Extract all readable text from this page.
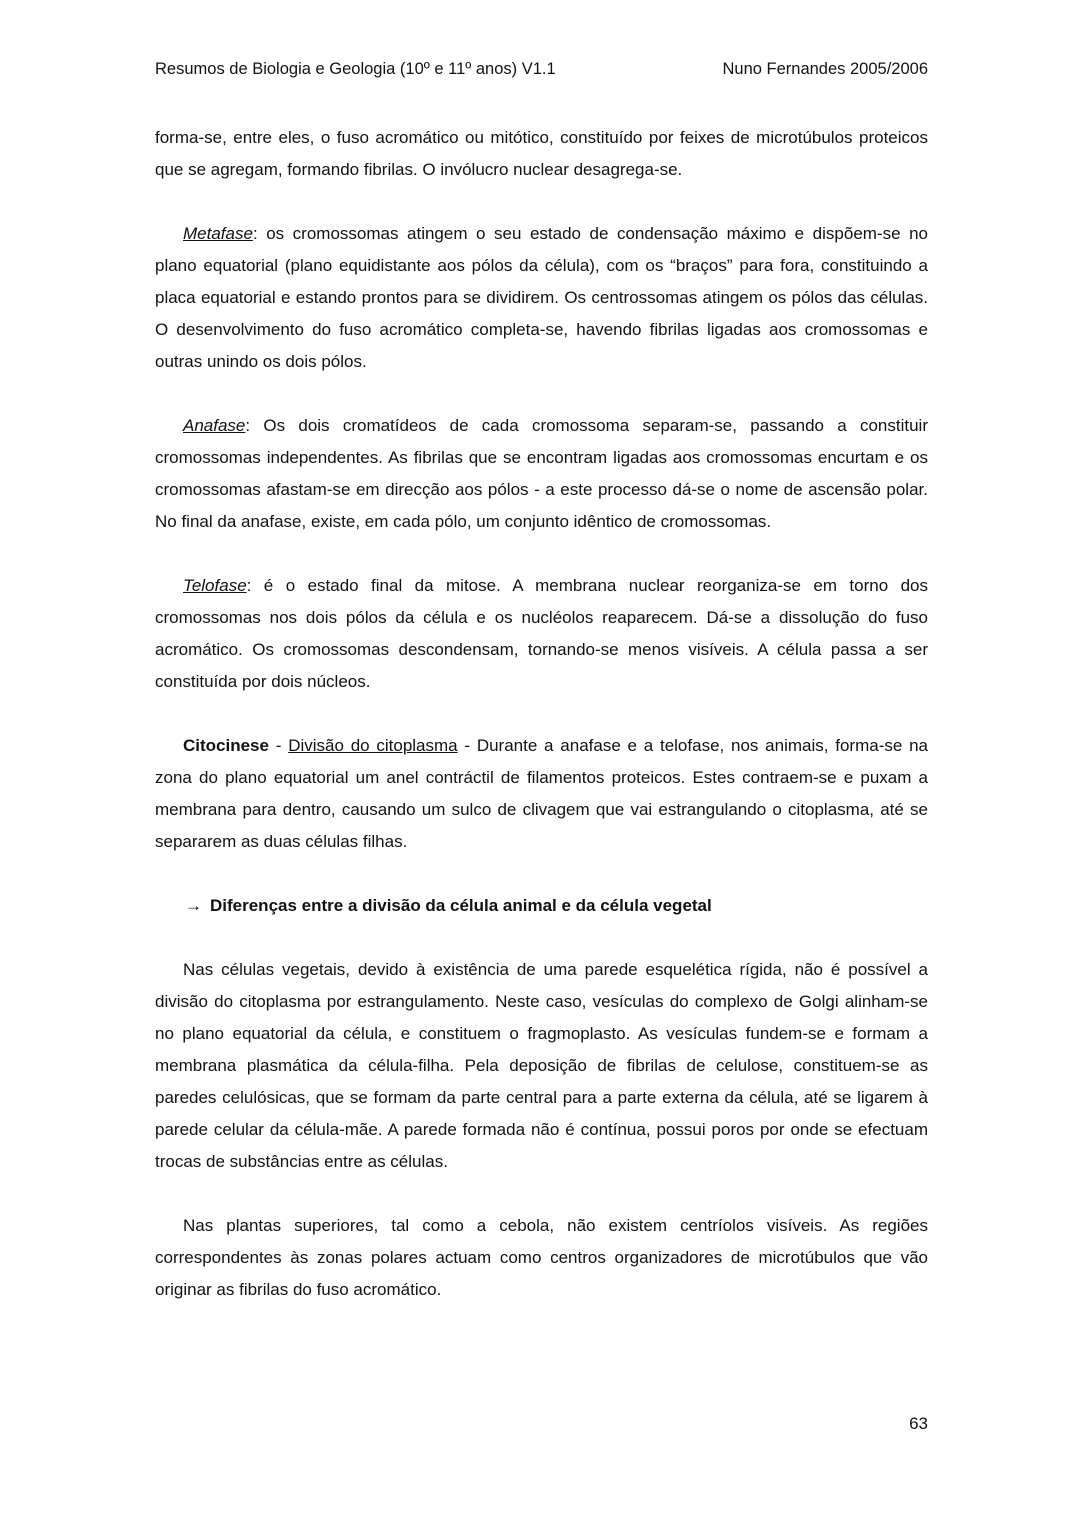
Resumos de Biologia e Geologia (10º e 11º anos) V1.1	Nuno Fernandes 2005/2006

forma-se, entre eles, o fuso acromático ou mitótico, constituído por feixes de microtúbulos proteicos que se agregam, formando fibrilas. O invólucro nuclear desagrega-se.

Metafase: os cromossomas atingem o seu estado de condensação máximo e dispõem-se no plano equatorial (plano equidistante aos pólos da célula), com os “braços” para fora, constituindo a placa equatorial e estando prontos para se dividirem. Os centrossomas atingem os pólos das células. O desenvolvimento do fuso acromático completa-se, havendo fibrilas ligadas aos cromossomas e outras unindo os dois pólos.

Anafase: Os dois cromatídeos de cada cromossoma separam-se, passando a constituir cromossomas independentes. As fibrilas que se encontram ligadas aos cromossomas encurtam e os cromossomas afastam-se em direcção aos pólos - a este processo dá-se o nome de ascensão polar. No final da anafase, existe, em cada pólo, um conjunto idêntico de cromossomas.

Telofase: é o estado final da mitose. A membrana nuclear reorganiza-se em torno dos cromossomas nos dois pólos da célula e os nucléolos reaparecem. Dá-se a dissolução do fuso acromático. Os cromossomas descondensam, tornando-se menos visíveis. A célula passa a ser constituída por dois núcleos.

Citocinese - Divisão do citoplasma - Durante a anafase e a telofase, nos animais, forma-se na zona do plano equatorial um anel contráctil de filamentos proteicos. Estes contraem-se e puxam a membrana para dentro, causando um sulco de clivagem que vai estrangulando o citoplasma, até se separarem as duas células filhas.

→ Diferenças entre a divisão da célula animal e da célula vegetal

Nas células vegetais, devido à existência de uma parede esquelética rígida, não é possível a divisão do citoplasma por estrangulamento. Neste caso, vesículas do complexo de Golgi alinham-se no plano equatorial da célula, e constituem o fragmoplasto. As vesículas fundem-se e formam a membrana plasmática da célula-filha. Pela deposição de fibrilas de celulose, constituem-se as paredes celulósicas, que se formam da parte central para a parte externa da célula, até se ligarem à parede celular da célula-mãe. A parede formada não é contínua, possui poros por onde se efectuam trocas de substâncias entre as células.

Nas plantas superiores, tal como a cebola, não existem centríolos visíveis. As regiões correspondentes às zonas polares actuam como centros organizadores de microtúbulos que vão originar as fibrilas do fuso acromático.

63
